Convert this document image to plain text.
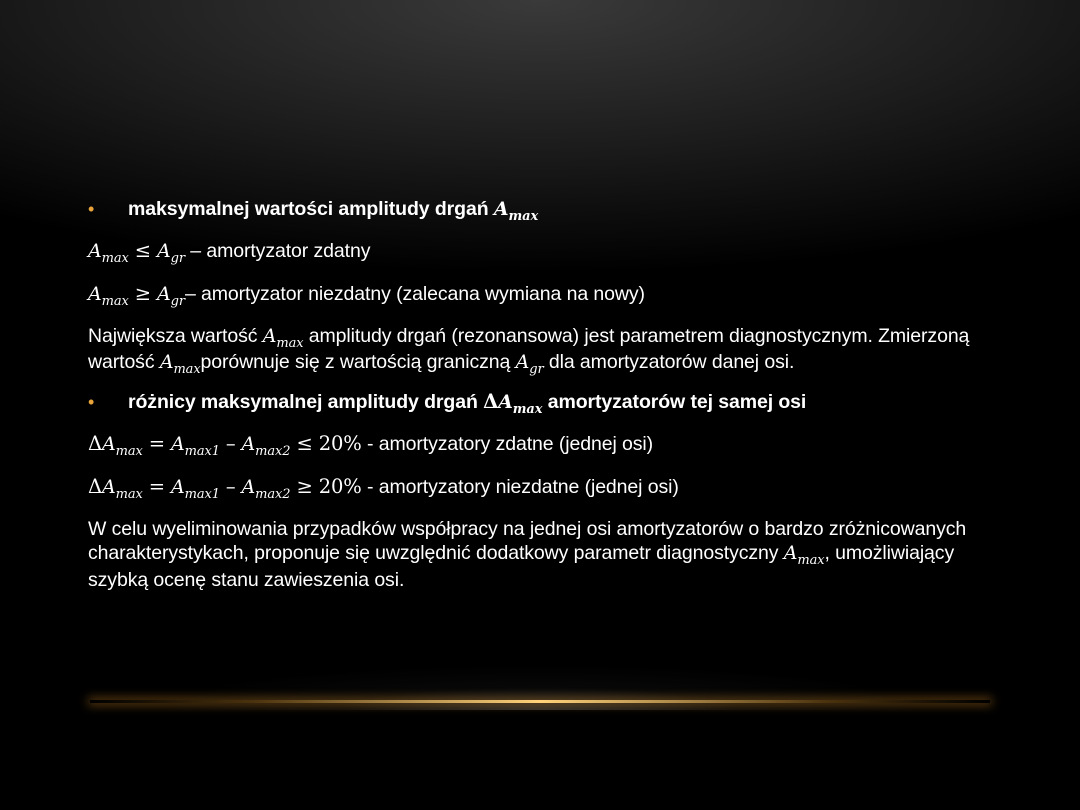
•	maksymalnej wartości amplitudy drgań $A_{max}$
$A_{max} \le A_{gr}$ – amortyzator zdatny
$A_{max} \ge A_{gr}-$ amortyzator niezdatny (zalecana wymiana na nowy)
Największa wartość $A_{max}$ amplitudy drgań (rezonansowa) jest parametrem diagnostycznym. Zmierzoną wartość $A_{max}porównuje$ się z wartością graniczną $A_{gr}$ dla amortyzatorów danej osi.
•	różnicy maksymalnej amplitudy drgań $\Delta A_{max}$ amortyzatorów tej samej osi
$\Delta A_{max} = A_{max1} - A_{max2} \le 20\%$ - amortyzatory zdatne (jednej osi)
$\Delta A_{max} = A_{max1} - A_{max2} \ge 20\%$ - amortyzatory niezdatne (jednej osi)
W celu wyeliminowania przypadków współpracy na jednej osi amortyzatorów o bardzo zróżnicowanych charakterystykach, proponuje się uwzględnić dodatkowy parametr diagnostyczny $A_{max}$, umożliwiający szybką ocenę stanu zawieszenia osi.
